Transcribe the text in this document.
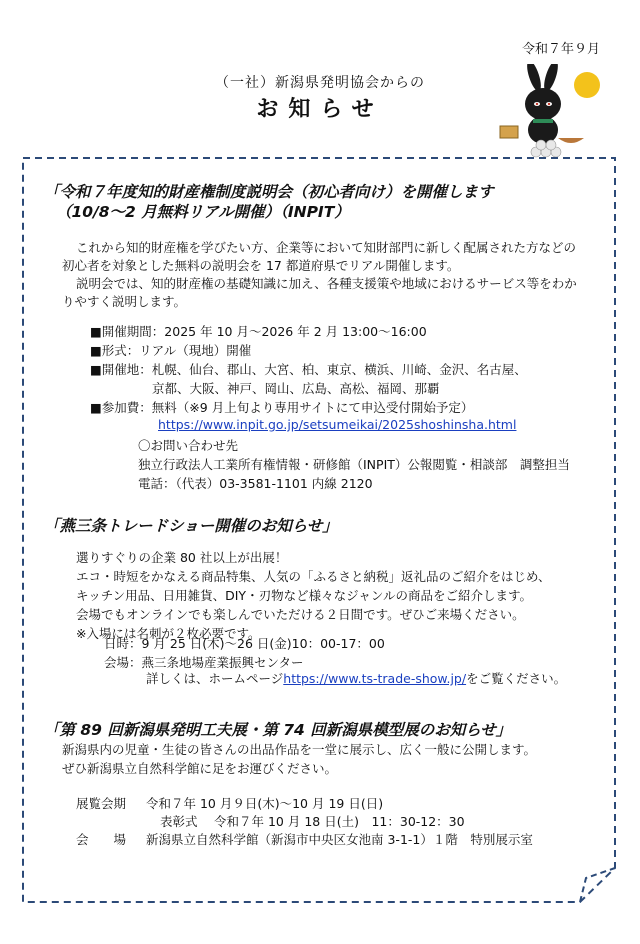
令和７年９月
（一社）新潟県発明協会からの
お知らせ
「令和７年度知的財産権制度説明会（初心者向け）を開催します
（10/8〜2 月無料リアル開催）（INPIT）
これから知的財産権を学びたい方、企業等において知財部門に新しく配属された方などの
初心者を対象とした無料の説明会を 17 都道府県でリアル開催します。
説明会では、知的財産権の基礎知識に加え、各種支援策や地域におけるサービス等をわか
りやすく説明します。
■開催期間：2025 年 10 月〜2026 年 2 月 13:00〜16:00
■形式：リアル（現地）開催
■開催地：札幌、仙台、郡山、大宮、柏、東京、横浜、川崎、金沢、名古屋、
京都、大阪、神戸、岡山、広島、高松、福岡、那覇
■参加費：無料（※9 月上旬より専用サイトにて申込受付開始予定）
https://www.inpit.go.jp/setsumeikai/2025shoshinsha.html
〇お問い合わせ先
独立行政法人工業所有権情報・研修館（INPIT）公報閲覧・相談部　調整担当
電話：（代表）03-3581-1101 内線 2120
「燕三条トレードショー開催のお知らせ」
選りすぐりの企業 80 社以上が出展！
エコ・時短をかなえる商品特集、人気の「ふるさと納税」返礼品のご紹介をはじめ、
キッチン用品、日用雑貨、DIY・刃物など様々なジャンルの商品をご紹介します。
会場でもオンラインでも楽しんでいただける２日間です。ぜひご来場ください。
※入場には名刺が２枚必要です。
日時：9 月 25 日(木)〜26 日(金)10：00-17：00
会場：燕三条地場産業振興センター
詳しくは、ホームページhttps://www.ts-trade-show.jp/をご覧ください。
「第 89 回新潟県発明工夫展・第 74 回新潟県模型展のお知らせ」
新潟県内の児童・生徒の皆さんの出品作品を一堂に展示し、広く一般に公開します。
ぜひ新潟県立自然科学館に足をお運びください。
展覧会期 令和７年 10 月９日(木)〜10 月 19 日(日)
表彰式 令和７年 10 月 18 日(土)　11：30-12：30
会　　場 新潟県立自然科学館（新潟市中央区女池南 3-1-1）１階　特別展示室
